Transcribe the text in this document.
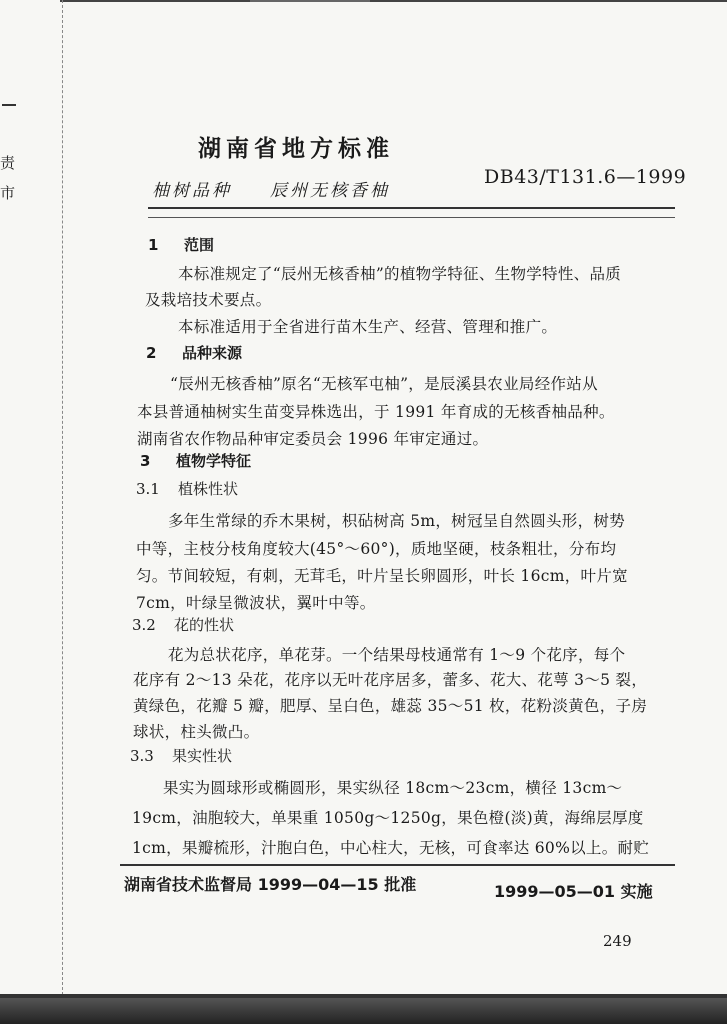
责
市
湖南省地方标准
柚树品种 辰州无核香柚
DB43/T131.6—1999
1 范围
本标准规定了“辰州无核香柚”的植物学特征、生物学特性、品质
及栽培技术要点。
本标准适用于全省进行苗木生产、经营、管理和推广。
2 品种来源
“辰州无核香柚”原名“无核军屯柚”，是辰溪县农业局经作站从
本县普通柚树实生苗变异株选出，于 1991 年育成的无核香柚品种。
湖南省农作物品种审定委员会 1996 年审定通过。
3 植物学特征
3.1 植株性状
多年生常绿的乔木果树，枳砧树高 5m，树冠呈自然圆头形，树势
中等，主枝分枝角度较大(45°～60°)，质地坚硬，枝条粗壮，分布均
匀。节间较短，有刺，无茸毛，叶片呈长卵圆形，叶长 16cm，叶片宽
7cm，叶绿呈微波状，翼叶中等。
3.2 花的性状
花为总状花序，单花芽。一个结果母枝通常有 1～9 个花序，每个
花序有 2～13 朵花，花序以无叶花序居多，蕾多、花大、花萼 3～5 裂，
黄绿色，花瓣 5 瓣，肥厚、呈白色，雄蕊 35～51 枚，花粉淡黄色，子房
球状，柱头微凸。
3.3 果实性状
果实为圆球形或椭圆形，果实纵径 18cm～23cm，横径 13cm～
19cm，油胞较大，单果重 1050g～1250g，果色橙(淡)黄，海绵层厚度
1cm，果瓣梳形，汁胞白色，中心柱大，无核，可食率达 60%以上。耐贮
湖南省技术监督局 1999—04—15 批准	1999—05—01 实施
249
